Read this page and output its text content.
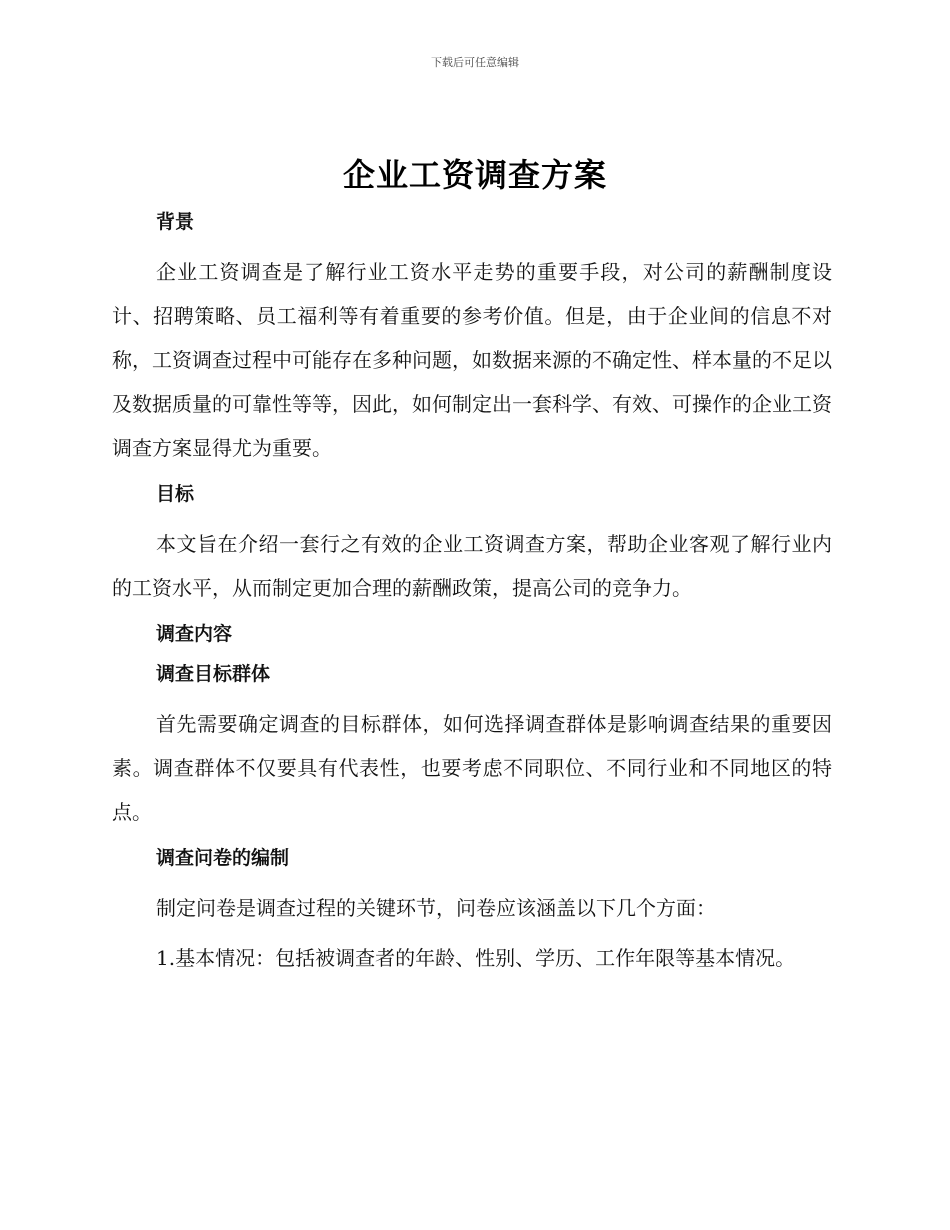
下载后可任意编辑
企业工资调查方案
背景

企业工资调查是了解行业工资水平走势的重要手段，对公司的薪酬制度设计、招聘策略、员工福利等有着重要的参考价值。但是，由于企业间的信息不对称，工资调查过程中可能存在多种问题，如数据来源的不确定性、样本量的不足以及数据质量的可靠性等等，因此，如何制定出一套科学、有效、可操作的企业工资调查方案显得尤为重要。

目标

本文旨在介绍一套行之有效的企业工资调查方案，帮助企业客观了解行业内的工资水平，从而制定更加合理的薪酬政策，提高公司的竞争力。

调查内容
调查目标群体

首先需要确定调查的目标群体，如何选择调查群体是影响调查结果的重要因素。调查群体不仅要具有代表性，也要考虑不同职位、不同行业和不同地区的特点。

调查问卷的编制

制定问卷是调查过程的关键环节，问卷应该涵盖以下几个方面：

1.基本情况：包括被调查者的年龄、性别、学历、工作年限等基本情况。
